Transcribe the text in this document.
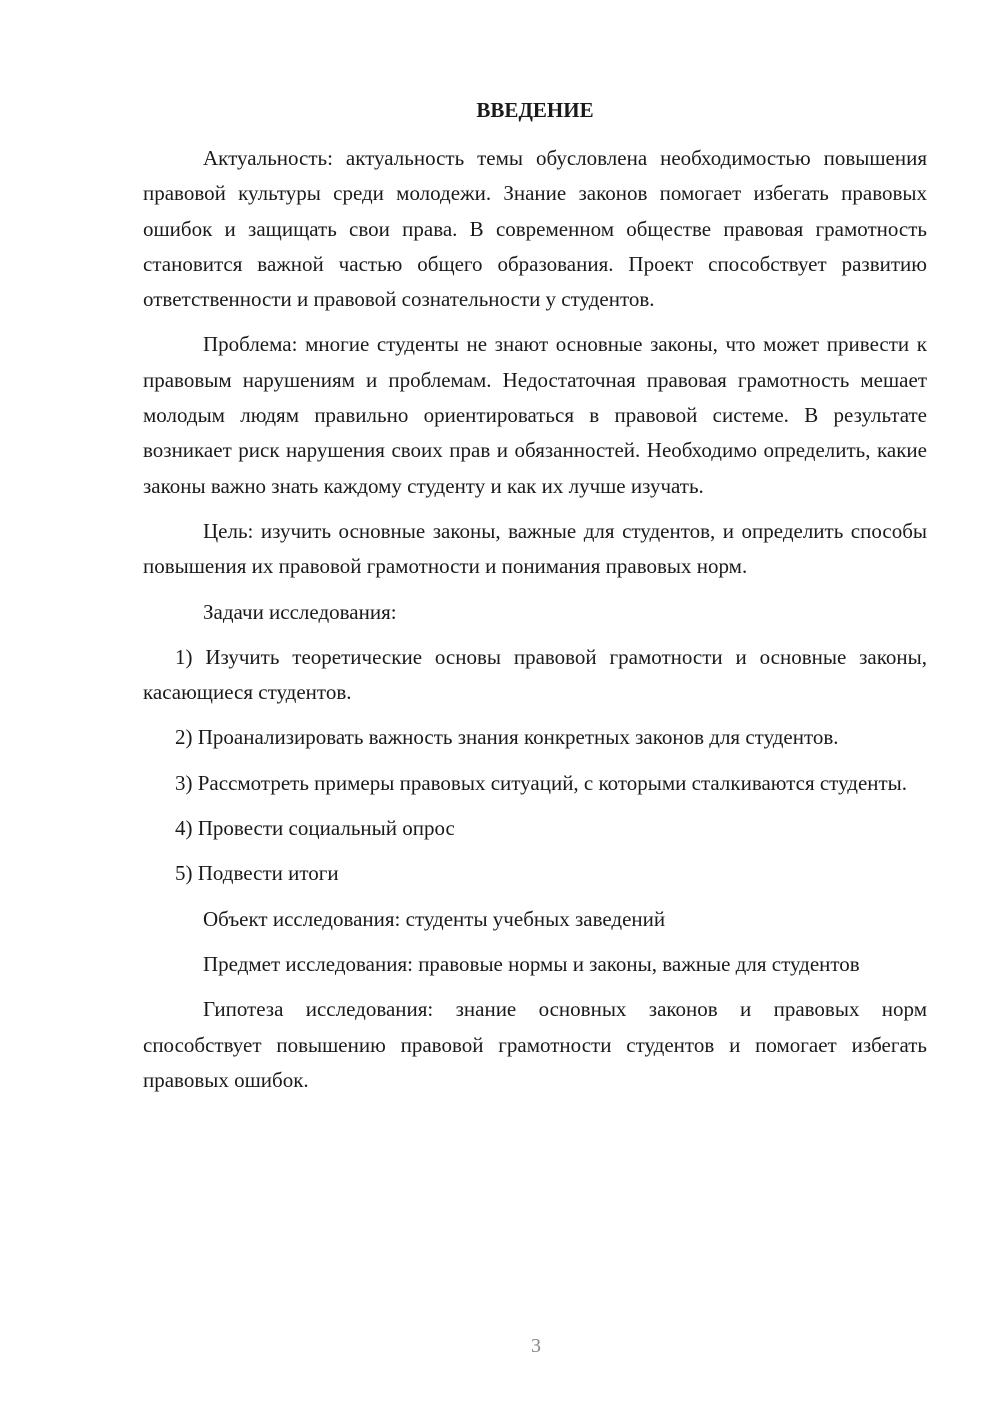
ВВЕДЕНИЕ

Актуальность: актуальность темы обусловлена необходимостью повышения правовой культуры среди молодежи. Знание законов помогает избегать правовых ошибок и защищать свои права. В современном обществе правовая грамотность становится важной частью общего образования. Проект способствует развитию ответственности и правовой сознательности у студентов.

Проблема: многие студенты не знают основные законы, что может привести к правовым нарушениям и проблемам. Недостаточная правовая грамотность мешает молодым людям правильно ориентироваться в правовой системе. В результате возникает риск нарушения своих прав и обязанностей. Необходимо определить, какие законы важно знать каждому студенту и как их лучше изучать.

Цель: изучить основные законы, важные для студентов, и определить способы повышения их правовой грамотности и понимания правовых норм.

Задачи исследования:

1) Изучить теоретические основы правовой грамотности и основные законы, касающиеся студентов.

2) Проанализировать важность знания конкретных законов для студентов.

3) Рассмотреть примеры правовых ситуаций, с которыми сталкиваются студенты.

4) Провести социальный опрос

5) Подвести итоги

Объект исследования: студенты учебных заведений

Предмет исследования: правовые нормы и законы, важные для студентов

Гипотеза исследования: знание основных законов и правовых норм способствует повышению правовой грамотности студентов и помогает избегать правовых ошибок.

3
